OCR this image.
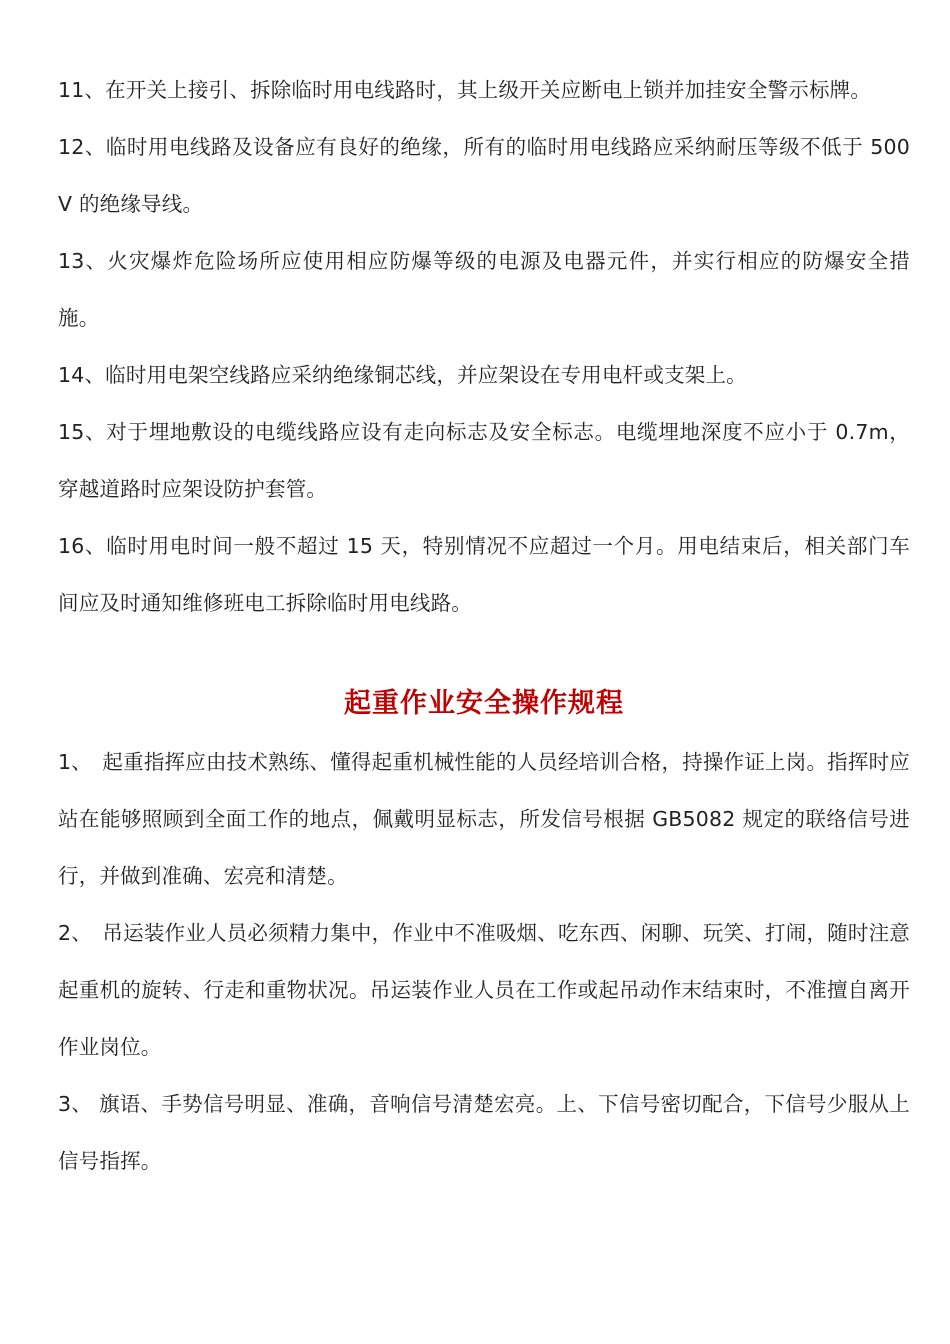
11、在开关上接引、拆除临时用电线路时，其上级开关应断电上锁并加挂安全警示标牌。

12、临时用电线路及设备应有良好的绝缘，所有的临时用电线路应采纳耐压等级不低于 500V 的绝缘导线。

13、火灾爆炸危险场所应使用相应防爆等级的电源及电器元件，并实行相应的防爆安全措施。

14、临时用电架空线路应采纳绝缘铜芯线，并应架设在专用电杆或支架上。

15、对于埋地敷设的电缆线路应设有走向标志及安全标志。电缆埋地深度不应小于 0.7m，穿越道路时应架设防护套管。

16、临时用电时间一般不超过 15 天，特别情况不应超过一个月。用电结束后，相关部门车间应及时通知维修班电工拆除临时用电线路。

起重作业安全操作规程

1、　起重指挥应由技术熟练、懂得起重机械性能的人员经培训合格，持操作证上岗。指挥时应站在能够照顾到全面工作的地点，佩戴明显标志，所发信号根据 GB5082 规定的联络信号进行，并做到准确、宏亮和清楚。

2、　吊运装作业人员必须精力集中，作业中不准吸烟、吃东西、闲聊、玩笑、打闹，随时注意起重机的旋转、行走和重物状况。吊运装作业人员在工作或起吊动作末结束时，不准擅自离开作业岗位。

3、 旗语、手势信号明显、准确，音响信号清楚宏亮。上、下信号密切配合，下信号少服从上信号指挥。
